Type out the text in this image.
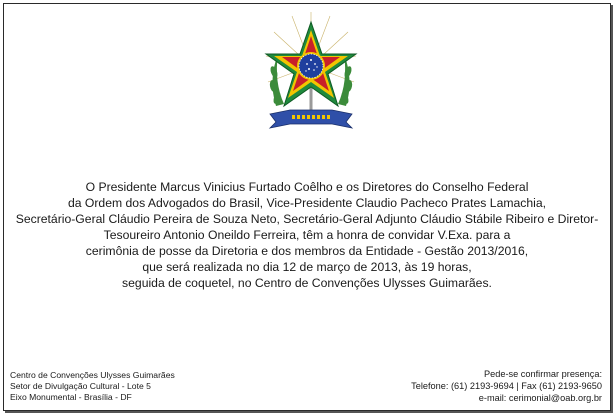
O Presidente Marcus Vinicius Furtado Coêlho e os Diretores do Conselho Federal
da Ordem dos Advogados do Brasil, Vice-Presidente Claudio Pacheco Prates Lamachia,
Secretário-Geral Cláudio Pereira de Souza Neto, Secretário-Geral Adjunto Cláudio Stábile Ribeiro e Diretor-
Tesoureiro Antonio Oneildo Ferreira, têm a honra de convidar V.Exa. para a
cerimônia de posse da Diretoria e dos membros da Entidade - Gestão 2013/2016,
que será realizada no dia 12 de março de 2013, às 19 horas,
seguida de coquetel, no Centro de Convenções Ulysses Guimarães.

Centro de Convenções Ulysses Guimarães
Setor de Divulgação Cultural - Lote 5
Eixo Monumental - Brasília - DF
Pede-se confirmar presença:
Telefone: (61) 2193-9694 | Fax (61) 2193-9650
e-mail: cerimonial@oab.org.br
